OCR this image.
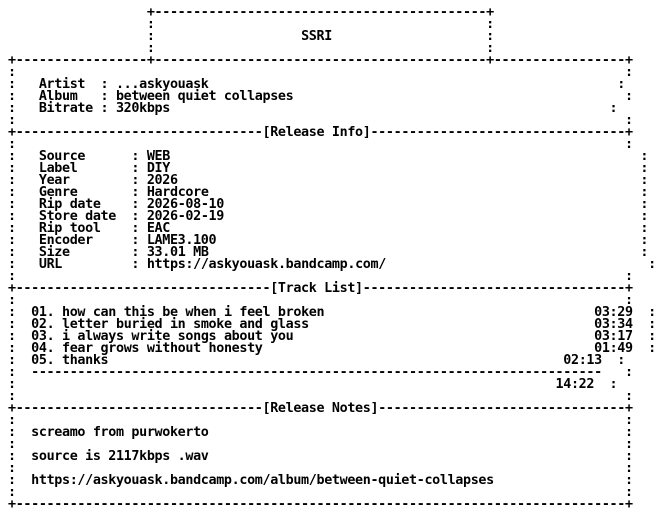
+-------------------------------------------+
:                                           :
:                   SSRI                    :
:                                           :
+-----------------+-------------------------------------------+-----------------+
:                                                                               :
:   Artist  : ...askyouask                                                     :
:   Album   : between quiet collapses                                           :
:   Bitrate : 320kbps                                                         :
:                                                                               :
+--------------------------------[Release Info]---------------------------------+
:                                                                               :
:   Source      : WEB                                                             :
:   Label       : DIY                                                             :
:   Year        : 2026                                                            :
:   Genre       : Hardcore                                                        :
:   Rip date    : 2026-08-10                                                      :
:   Store date  : 2026-02-19                                                      :
:   Rip tool    : EAC                                                             :
:   Encoder     : LAME3.100                                                       :
:   Size        : 33.01 MB                                                        :
:   URL         : https://askyouask.bandcamp.com/                                  :
:                                                                               :
+---------------------------------[Track List]----------------------------------+
:                                                                               :
:  01. how can this be when i feel broken	03:29  :
:  02. letter buried in smoke and glass	03:34  :
:  03. i always write songs about you	03:17  :
:  04. fear grows without honesty	01:49  :
:  05. thanks	02:13  :
:  --------------------------------------------------------------------------   :
:                                                                      14:22  :
:                                                                               :
+--------------------------------[Release Notes]--------------------------------+
:                                                                               :
:  screamo from purwokerto                                                      :
:                                                                               :
:  source is 2117kbps .wav                                                      :
:                                                                               :
:  https://askyouask.bandcamp.com/album/between-quiet-collapses                 :
:                                                                               :
+-------------------------------------------------------------------------------+
